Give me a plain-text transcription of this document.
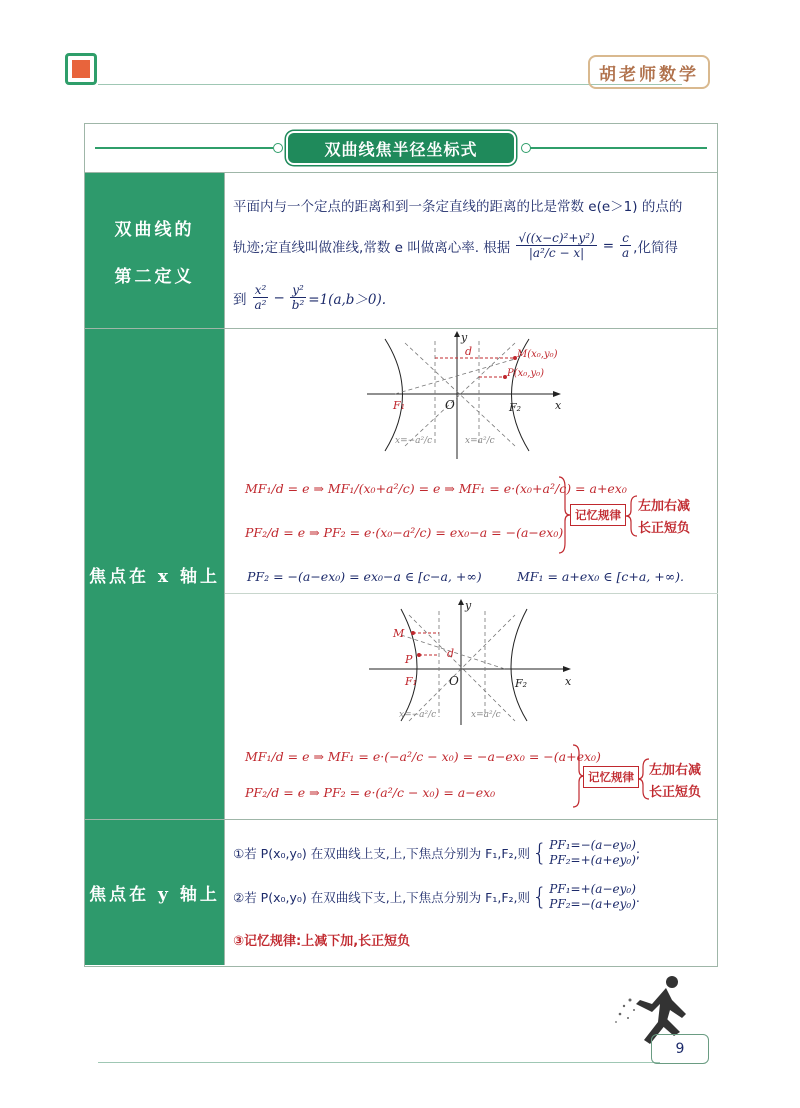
胡老师数学
双曲线焦半径坐标式
双曲线的
第二定义
平面内与一个定点的距离和到一条定直线的距离的比是常数 e(e＞1) 的点的
轨迹;定直线叫做准线,常数 e 叫做离心率. 根据 $\frac{\text{√((x−c)²+y²)}}{\text{|a²/c − x|}} = \frac{c}{a}$ ,化简得
到 $\frac{\text{x²}}{\text{a²}} - \frac{\text{y²}}{\text{b²}} =1(a,b>0)$.
焦点在 x 轴上
x
y
O
F₁	F₂
d	M(x₀,y₀)
P(x₀,y₀)
x=−a²/c	x=a²/c
MF₁/d = e ⇒ MF₁/(x₀+a²/c) = e ⇒ MF₁ = e·(x₀+a²/c) = a+ex₀
PF₂/d = e ⇒ PF₂ = e·(x₀−a²/c) = ex₀−a = −(a−ex₀)
记忆规律
左加右减
长正短负
PF₂ = −(a−ex₀) = ex₀−a ∈ [c−a, +∞)	MF₁ = a+ex₀ ∈ [c+a, +∞).
x
y
O
F₁	F₂
d
M
P
x=−a²/c	x=a²/c
MF₁/d = e ⇒ MF₁ = e·(−a²/c − x₀) = −a−ex₀ = −(a+ex₀)
PF₂/d = e ⇒ PF₂ = e·(a²/c − x₀) = a−ex₀
记忆规律	左加右减
长正短负
焦点在 y 轴上
①若 P(x₀,y₀) 在双曲线上支,上,下焦点分别为 F₁,F₂,则 { PF₁=−(a−ey₀)
PF₂=+(a+ey₀) ;
②若 P(x₀,y₀) 在双曲线下支,上,下焦点分别为 F₁,F₂,则 { PF₁=+(a−ey₀)
PF₂=−(a+ey₀) .
③记忆规律:上减下加,长正短负
9
